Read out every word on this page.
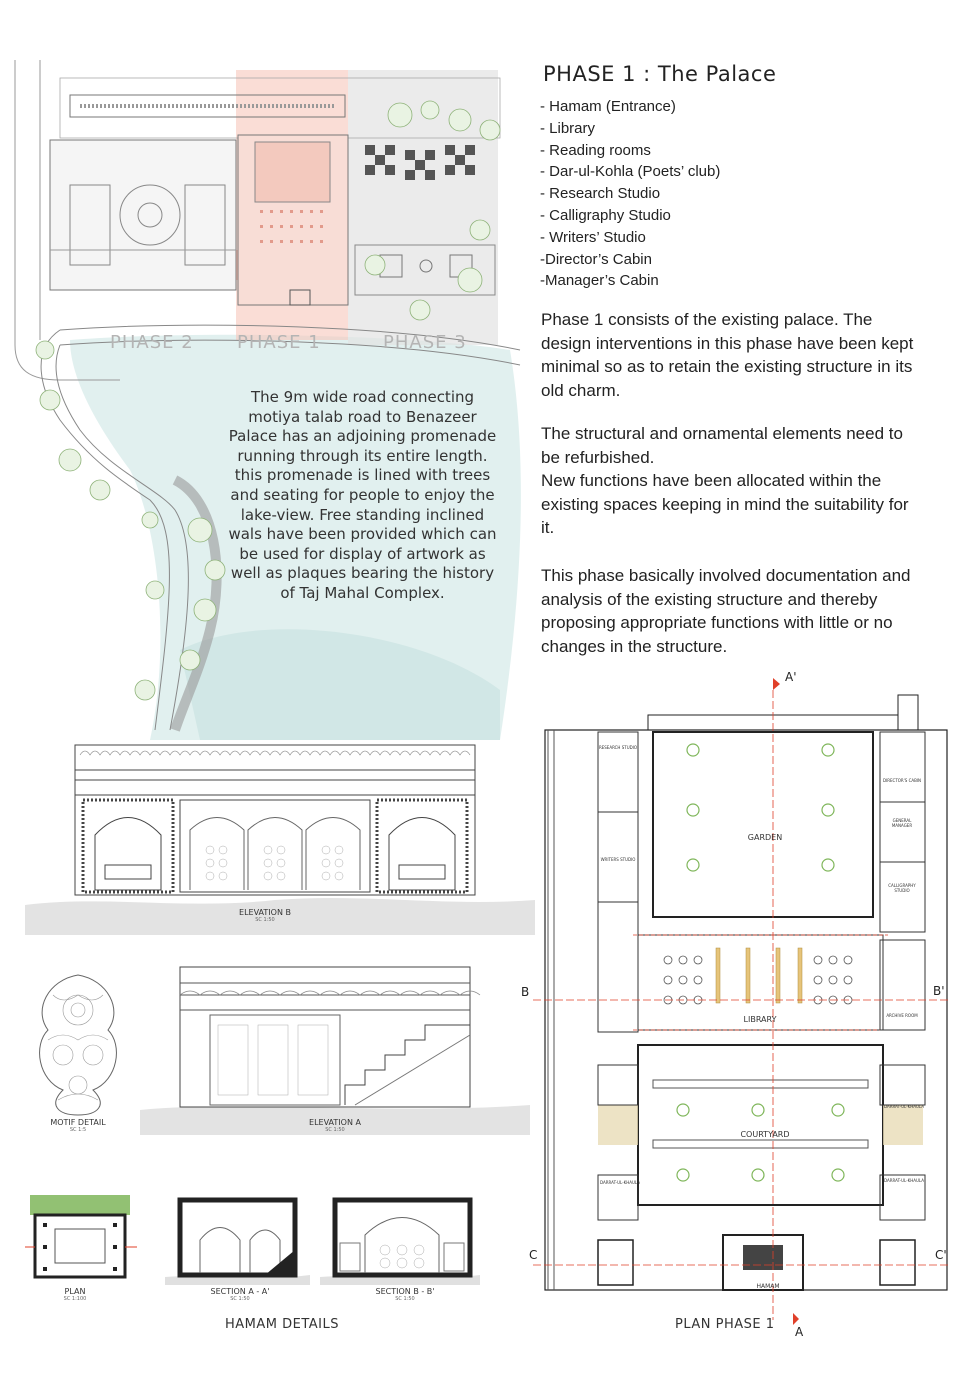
PHASE 2 PHASE 1	PHASE 3

The 9m wide road connecting motiya talab road to Benazeer Palace has an adjoining promenade running through its entire length. this promenade is lined with trees and seating for people to enjoy the lake-view. Free standing inclined wals have been provided which can be used for display of artwork as well as plaques bearing the history of Taj Mahal Complex.

PHASE 1 : The Palace
- Hamam (Entrance)
- Library
- Reading rooms
- Dar-ul-Kohla (Poets’ club)
- Research Studio
- Calligraphy Studio
- Writers’ Studio
-Director’s Cabin
-Manager’s Cabin

Phase 1 consists of the existing palace. The design interventions in this phase have been kept minimal so as to retain the existing structure in its old charm.

The structural and ornamental elements need to be refurbished.

New functions have been allocated within the existing spaces keeping in mind the suitability for it.

This phase basically involved documentation and analysis of the existing structure and thereby proposing appropriate functions with little or no changes in the structure.

ELEVATION B
SC 1:50
MOTIF DETAIL
SC 1:5
ELEVATION A
SC 1:50
PLAN
SC 1:100
SECTION A - A'
SC 1:50
SECTION B - B'
SC 1:50
HAMAM DETAILS
GARDEN
LIBRARY
COURTYARD
HAMAM
RESEARCH STUDIO
WRITERS STUDIO
DIRECTOR'S CABIN
GENERAL MANAGER
CALLIGRAPHY STUDIO
ARCHIVE ROOM
DARRAT-UL-KHAULA
DARRAT-UL-KHAULA
DARRAT-UL-KHAULA
A'
A
B	B'
C	C'
PLAN PHASE 1
